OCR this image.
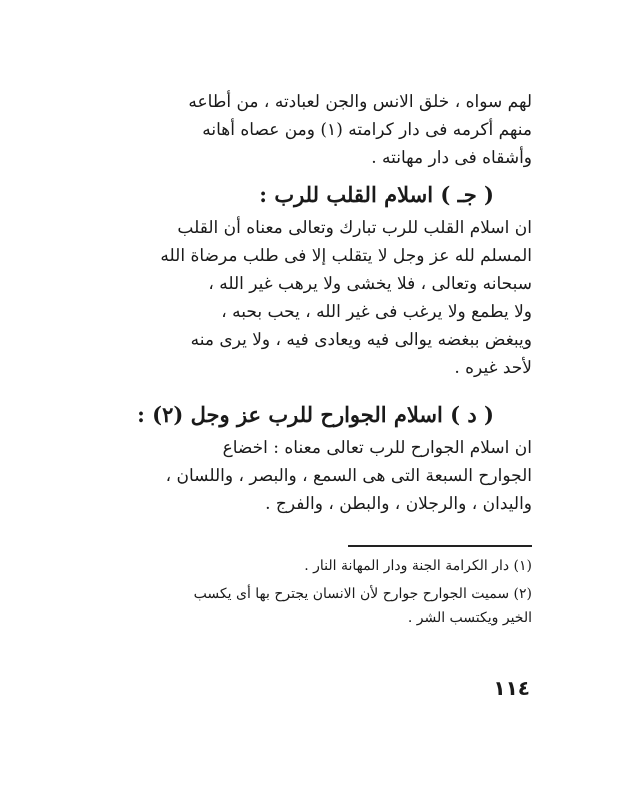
لهم سواه ، خلق الانس والجن لعبادته ، من أطاعه
منهم أكرمه فى دار كرامته (١) ومن عصاه أهانه
وأشقاه فى دار مهانته .
( جـ ) اسلام القلب للرب :
ان اسلام القلب للرب تبارك وتعالى معناه أن القلب
المسلم لله عز وجل لا يتقلب إلا فى طلب مرضاة الله
سبحانه وتعالى ، فلا يخشى ولا يرهب غير الله ،
ولا يطمع ولا يرغب فى غير الله ، يحب بحبه ،
ويبغض ببغضه يوالى فيه ويعادى فيه ، ولا يرى منه
لأحد غيره .
( د ) اسلام الجوارح للرب عز وجل (٢) :
ان اسلام الجوارح للرب تعالى معناه : اخضاع
الجوارح السبعة التى هى السمع ، والبصر ، واللسان ،
واليدان ، والرجلان ، والبطن ، والفرج .
(١) دار الكرامة الجنة ودار المهانة النار .
(٢) سميت الجوارح جوارح لأن الانسان يجترح بها أى يكسب
الخير ويكتسب الشر .
١١٤
